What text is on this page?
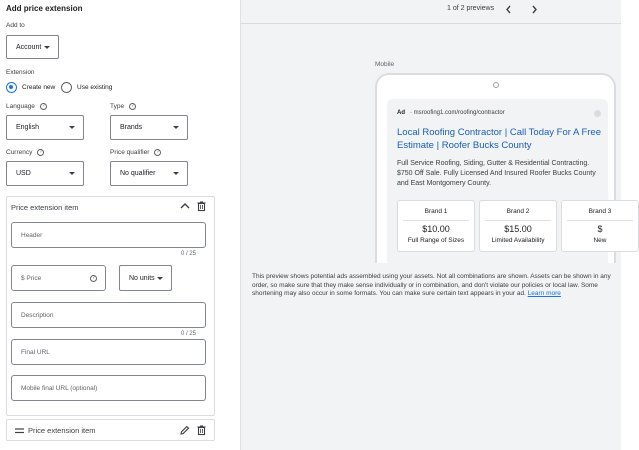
Add price extension
Add to
Account
Extension
Create new	Use existing
Language ?
English
Type ?
Brands
Currency ?
USD
Price qualifier ?
No qualifier
Price extension item
Header
0 / 25
$ Price	?	No units
Description
0 / 25
Final URL
Mobile final URL (optional)
Price extension item
1 of 2 previews
Mobile
Ad · msroofing1.com/roofing/contractor
Local Roofing Contractor | Call Today For A Free Estimate | Roofer Bucks County
Full Service Roofing, Siding, Gutter & Residential Contracting. $750 Off Sale. Fully Licensed And Insured Roofer Bucks County and East Montgomery County.
Brand 1
$10.00
Full Range of Sizes
Brand 2
$15.00
Limited Availability
Brand 3
$
New
This preview shows potential ads assembled using your assets. Not all combinations are shown. Assets can be shown in any order, so make sure that they make sense individually or in combination, and don't violate our policies or local law. Some shortening may also occur in some formats. You can make sure certain text appears in your ad. Learn more
